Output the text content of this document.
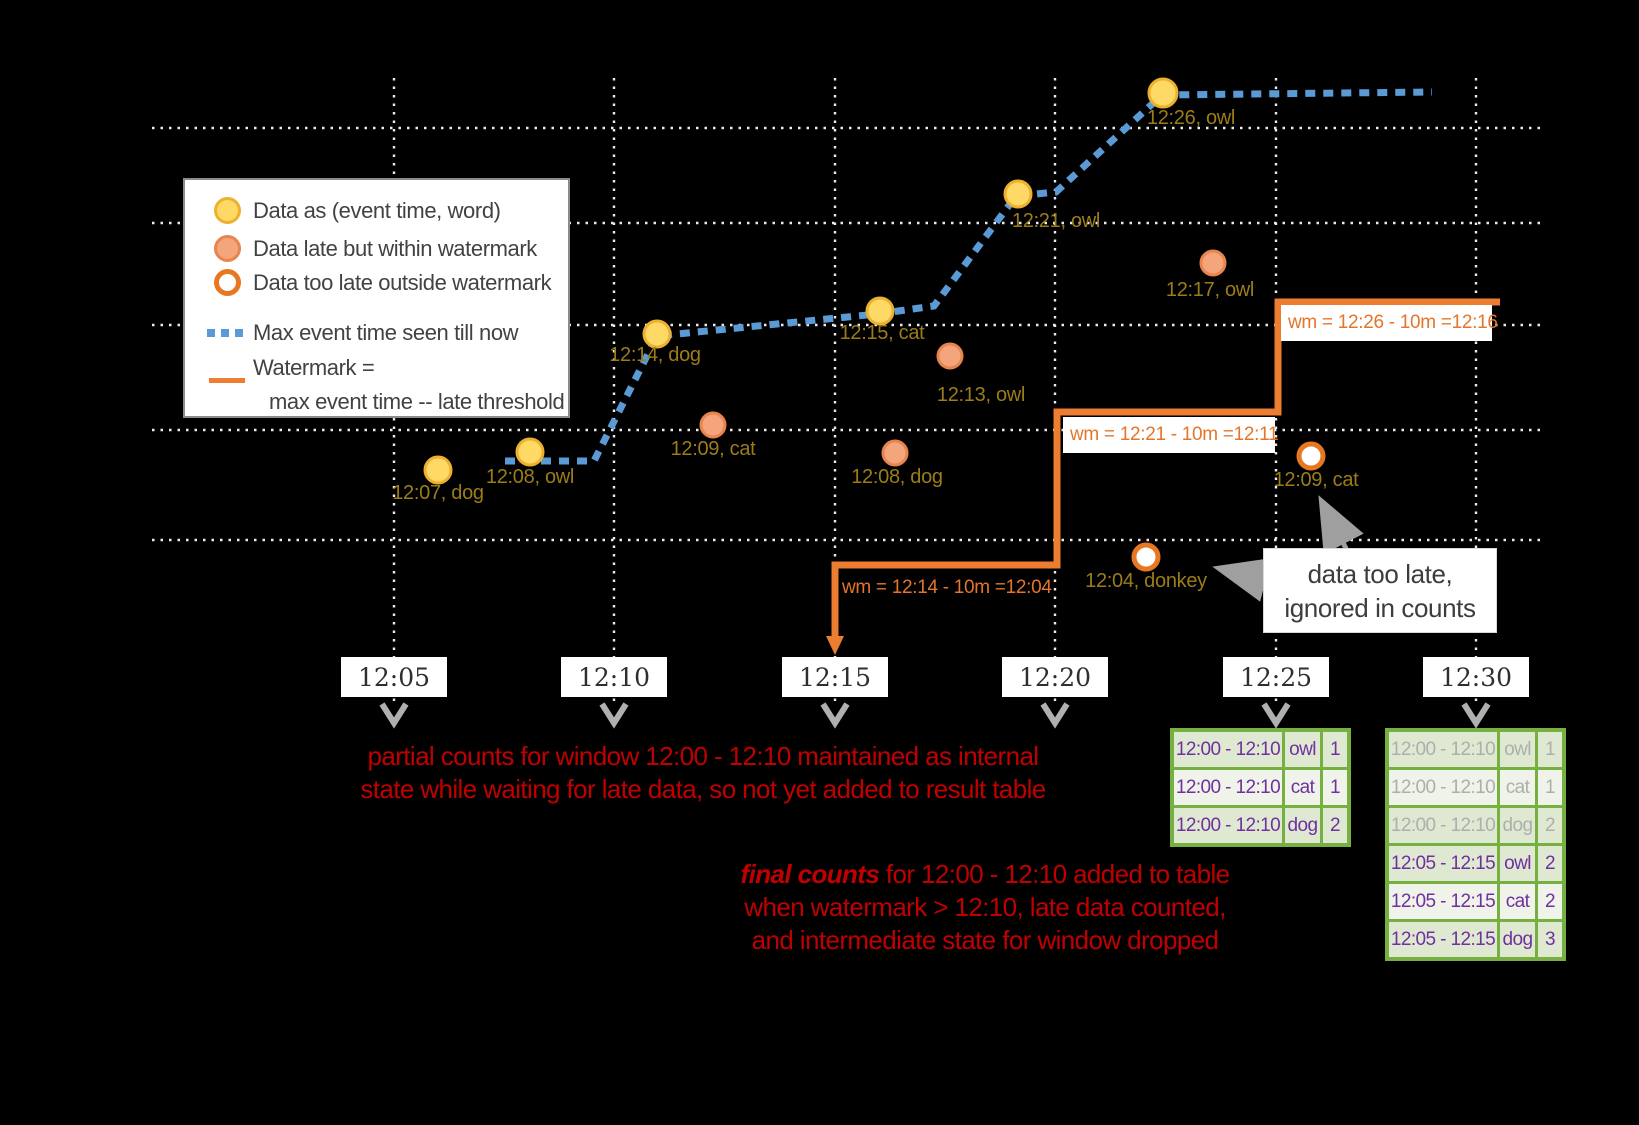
Data as (event time, word)
Data late but within watermark
Data too late outside watermark
Max event time seen till now
Watermark =
max event time -- late threshold
12:07, dog
12:08, owl
12:09, cat
12:14, dog
12:15, cat
12:13, owl
12:08, dog
12:21, owl
12:26, owl
12:17, owl
12:09, cat
12:04, donkey
wm = 12:14 - 10m =12:04
wm = 12:21 - 10m =12:11
wm = 12:26 - 10m =12:16
12:05	12:10	12:15	12:20	12:25	12:30
partial counts for window 12:00 - 12:10 maintained as internal
state while waiting for late data, so not yet added to result table
final counts for 12:00 - 12:10 added to table
when watermark > 12:10, late data counted,
and intermediate state for window dropped
data too late,
ignored in counts
12:00 - 12:10 owl 1
12:00 - 12:10 cat 1
12:00 - 12:10 dog 2
12:00 - 12:10 owl 1
12:00 - 12:10 cat 1
12:00 - 12:10 dog 2
12:05 - 12:15 owl 2
12:05 - 12:15 cat 2
12:05 - 12:15 dog 3
